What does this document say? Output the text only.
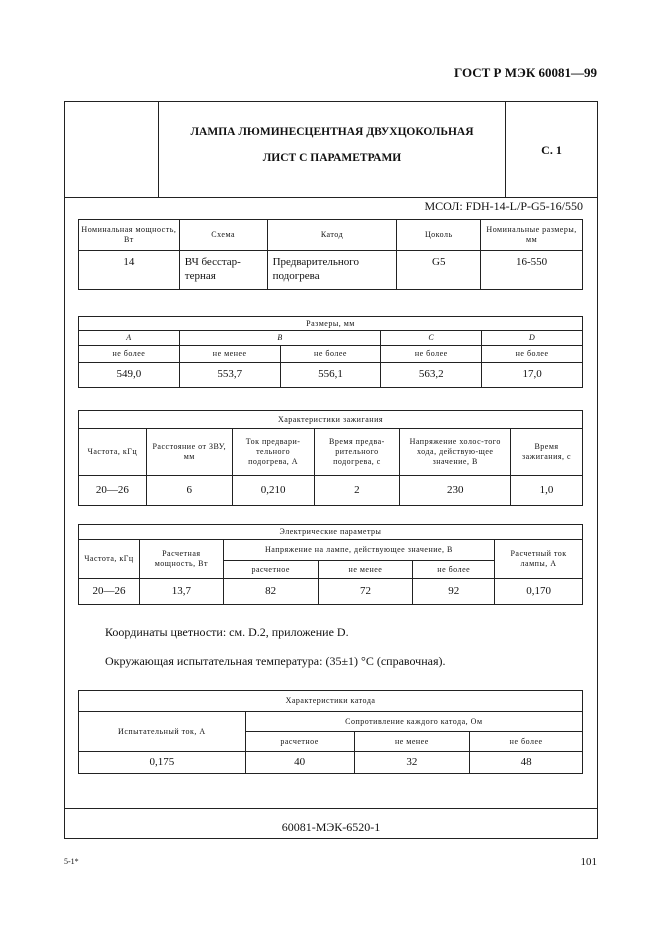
ГОСТ Р МЭК 60081—99
ЛАМПА ЛЮМИНЕСЦЕНТНАЯ ДВУХЦОКОЛЬНАЯ
ЛИСТ С ПАРАМЕТРАМИ
С. 1
МСОЛ: FDH-14-L/P-G5-16/550
Номинальная мощность, Вт	Схема	Катод	Цоколь	Номинальные размеры, мм
14	ВЧ бесстар-терная	Предварительного подогрева	G5	16-550
Размеры, мм				
A	B		C	D
не более	не менее	не более	не более	не более
549,0	553,7	556,1	563,2	17,0
Характеристики зажигания					
Частота, кГц	Расстояние от ЗВУ, мм	Ток предвари-тельного подогрева, А	Время предва-рительного подогрева, с	Напряжение холос-того хода, действую-щее значение, В	Время зажигания, с
20—26	6	0,210	2	230	1,0
Электрические параметры					
Частота, кГц	Расчетная мощность, Вт	Напряжение на лампе, действующее значение, В			Расчетный ток лампы, А
		расчетное	не менее	не более	
20—26	13,7	82	72	92	0,170
Координаты цветности: см. D.2, приложение D.
Окружающая испытательная температура: (35±1) °С (справочная).
Характеристики катода			
Испытательный ток, А	Сопротивление каждого катода, Ом		
	расчетное	не менее	не более
0,175	40	32	48
60081-МЭК-6520-1
5-1*	101
